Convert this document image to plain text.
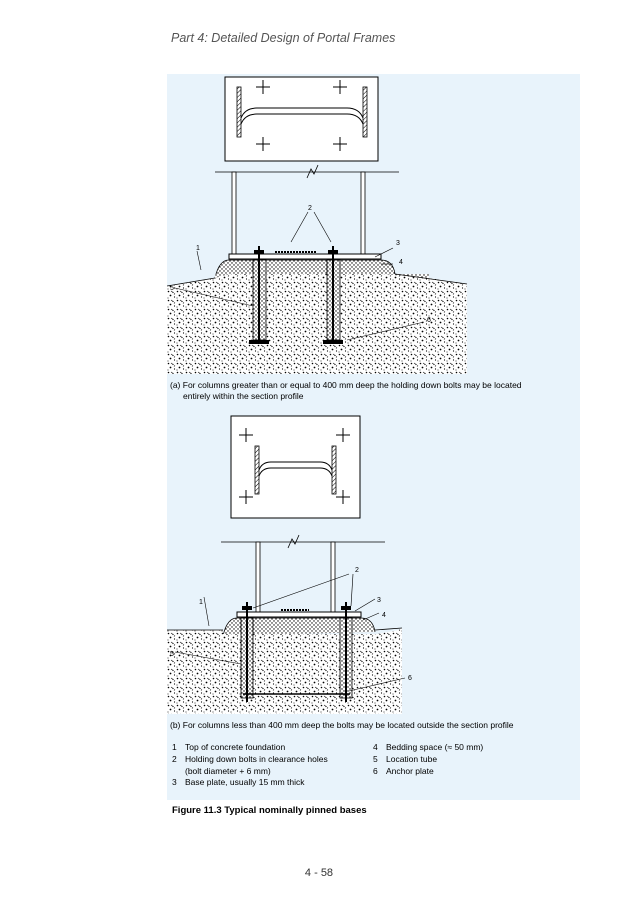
Part 4: Detailed Design of Portal Frames
1
2
3
4
5
6
1
2
3
4
5
6
(a) For columns greater than or equal to 400 mm deep the holding down bolts may be located
entirely within the section profile
(b) For columns less than 400 mm deep the bolts may be located outside the section profile
1 Top of concrete foundation
2 Holding down bolts in clearance holes
(bolt diameter + 6 mm)
3 Base plate, usually 15 mm thick
4 Bedding space (≈ 50 mm)
5 Location tube
6 Anchor plate
Figure 11.3 Typical nominally pinned bases
4 - 58
